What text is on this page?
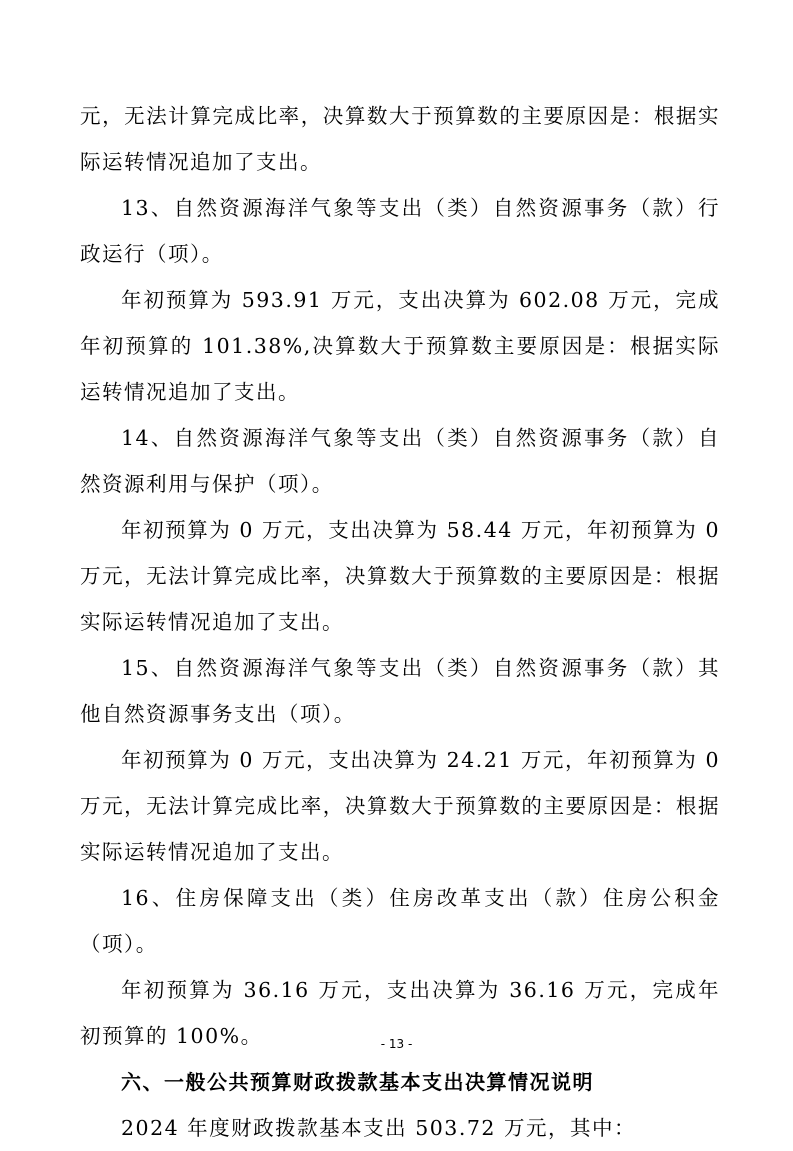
元，无法计算完成比率，决算数大于预算数的主要原因是：根据实际运转情况追加了支出。

13、自然资源海洋气象等支出（类）自然资源事务（款）行政运行（项）。

年初预算为 593.91 万元，支出决算为 602.08 万元，完成年初预算的 101.38%,决算数大于预算数主要原因是：根据实际运转情况追加了支出。

14、自然资源海洋气象等支出（类）自然资源事务（款）自然资源利用与保护（项）。

年初预算为 0 万元，支出决算为 58.44 万元，年初预算为 0 万元，无法计算完成比率，决算数大于预算数的主要原因是：根据实际运转情况追加了支出。

15、自然资源海洋气象等支出（类）自然资源事务（款）其他自然资源事务支出（项）。

年初预算为 0 万元，支出决算为 24.21 万元，年初预算为 0 万元，无法计算完成比率，决算数大于预算数的主要原因是：根据实际运转情况追加了支出。

16、住房保障支出（类）住房改革支出（款）住房公积金（项）。

年初预算为 36.16 万元，支出决算为 36.16 万元，完成年初预算的 100%。

六、一般公共预算财政拨款基本支出决算情况说明

2024 年度财政拨款基本支出 503.72 万元，其中：

- 13 -
